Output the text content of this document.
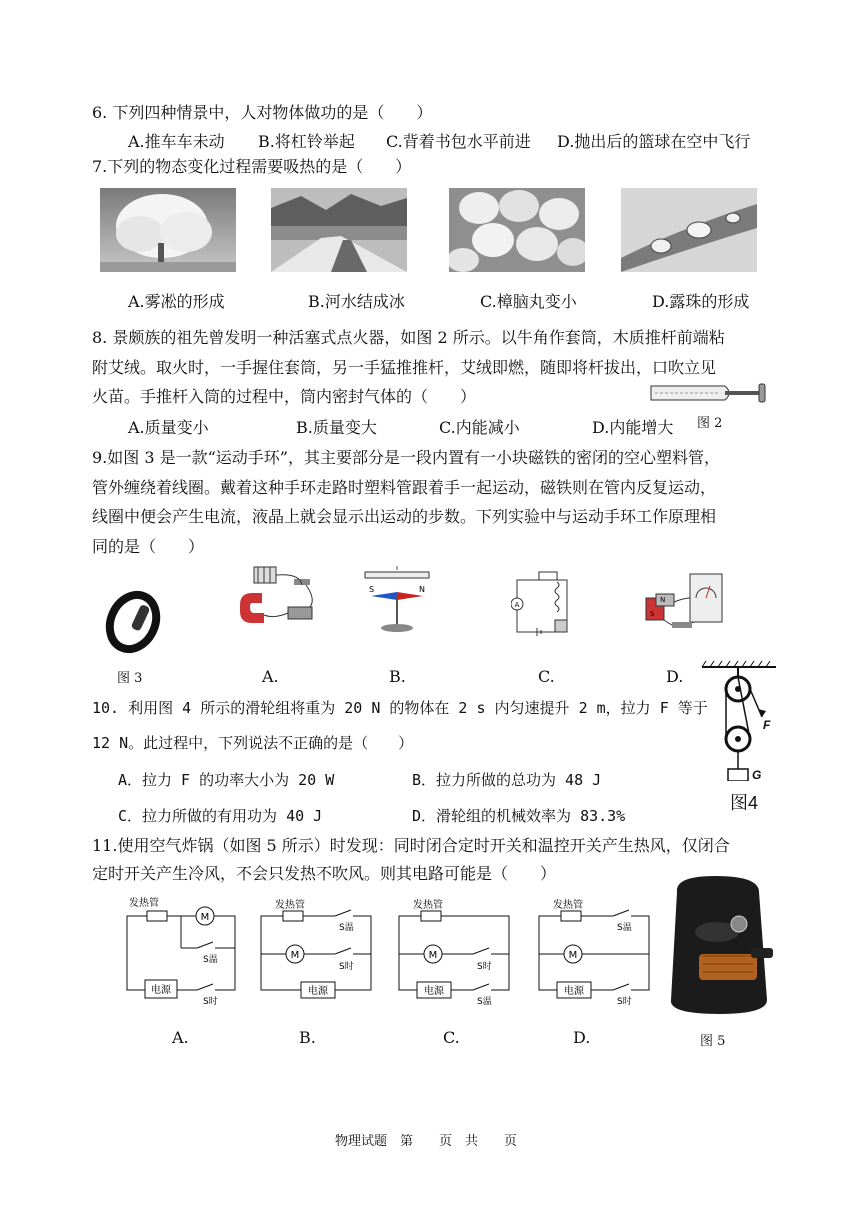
6. 下列四种情景中，人对物体做功的是（　　）
A.推车车未动 B.将杠铃举起 C.背着书包水平前进 D.抛出后的篮球在空中飞行
7.下列的物态变化过程需要吸热的是（　　）
A.雾凇的形成	B.河水结成冰	C.樟脑丸变小	D.露珠的形成
8. 景颇族的祖先曾发明一种活塞式点火器，如图 2 所示。以牛角作套筒，木质推杆前端粘
附艾绒。取火时，一手握住套筒，另一手猛推推杆，艾绒即燃，随即将杆拔出，口吹立见
火苗。手推杆入筒的过程中，筒内密封气体的（　　）
图 2
A.质量变小	B.质量变大	C.内能减小	D.内能增大
9.如图 3 是一款“运动手环”，其主要部分是一段内置有一小块磁铁的密闭的空心塑料管，
管外缠绕着线圈。戴着这种手环走路时塑料管跟着手一起运动，磁铁则在管内反复运动，
线圈中便会产生电流，液晶上就会显示出运动的步数。下列实验中与运动手环工作原理相
同的是（　　）
图 3	A.
I
S	N
B.
A
C.
N
S
D.
10. 利用图 4 所示的滑轮组将重为 20 N 的物体在 2 s 内匀速提升 2 m，拉力 F 等于
12 N。此过程中，下列说法不正确的是（　　）
A．拉力 F 的功率大小为 20 W	B．拉力所做的总功为 48 J
C．拉力所做的有用功为 40 J	D．滑轮组的机械效率为 83.3%
F
G
图4
11.使用空气炸锅（如图 5 所示）时发现：同时闭合定时开关和温控开关产生热风，仅闭合
定时开关产生冷风，不会只发热不吹风。则其电路可能是（　　）
发热管
M
S温
电源
S时
A.
发热管
S温
M
S时
电源
B.
发热管
M
S时
电源
S温
C.
发热管
S温
M
电源
S时
D.	图 5
物理试题　第　　页　共　　页
